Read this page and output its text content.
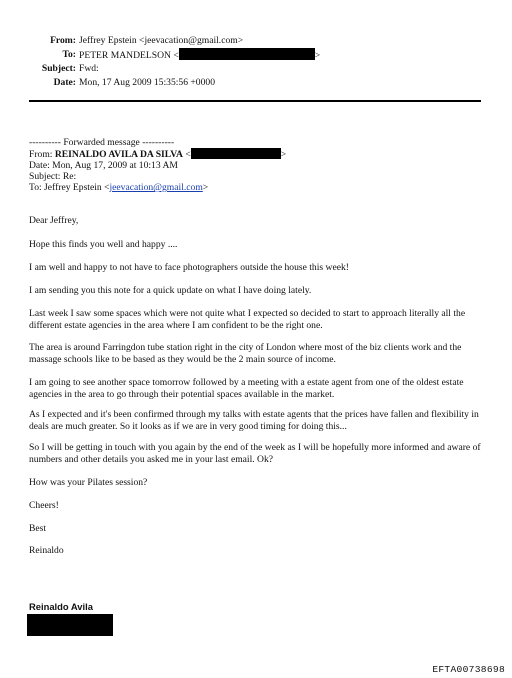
From: Jeffrey Epstein <jeevacation@gmail.com>
To: PETER MANDELSON <	>
Subject: Fwd:
Date: Mon, 17 Aug 2009 15:35:56 +0000
---------- Forwarded message ----------
From: REINALDO AVILA DA SILVA <	>
Date: Mon, Aug 17, 2009 at 10:13 AM
Subject: Re:
To: Jeffrey Epstein <jeevacation@gmail.com>
Dear Jeffrey,
Hope this finds you well and happy ....
I am well and happy to not have to face photographers outside the house this week!
I am sending you this note for a quick update on what I have doing lately.
Last week I saw some spaces which were not quite what I expected so decided to start to approach literally all the different estate agencies in the area where I am confident to be the right one.
The area is around Farringdon tube station right in the city of London where most of the biz clients work and the massage schools like to be based as they would be the 2 main source of income.
I am going to see another space tomorrow followed by a meeting with a estate agent from one of the oldest estate agencies in the area to go through their potential spaces available in the market.
As I expected and it's been confirmed through my talks with estate agents that the prices have fallen and flexibility in deals are much greater. So it looks as if we are in very good timing for doing this...
So I will be getting in touch with you again by the end of the week as I will be hopefully more informed and aware of numbers and other details you asked me in your last email. Ok?
How was your Pilates session?
Cheers!
Best
Reinaldo
Reinaldo Avila
EFTA00738698
